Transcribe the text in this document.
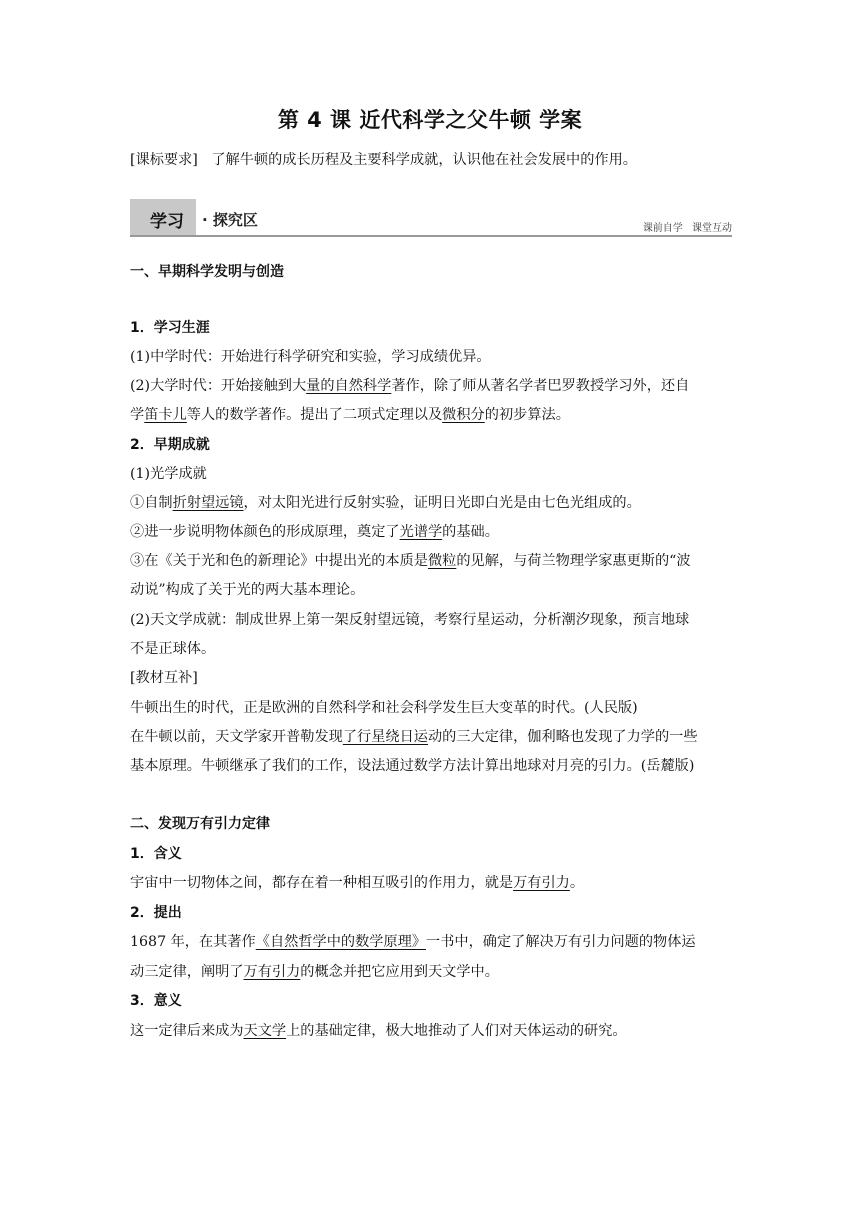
第 4 课 近代科学之父牛顿 学案
[课标要求] 了解牛顿的成长历程及主要科学成就，认识他在社会发展中的作用。
学习 · 探究区	课前自学 课堂互动
一、早期科学发明与创造
1．学习生涯
(1)中学时代：开始进行科学研究和实验，学习成绩优异。
(2)大学时代：开始接触到大量的自然科学著作，除了师从著名学者巴罗教授学习外，还自
学笛卡儿等人的数学著作。提出了二项式定理以及微积分的初步算法。
2．早期成就
(1)光学成就
①自制折射望远镜，对太阳光进行反射实验，证明日光即白光是由七色光组成的。
②进一步说明物体颜色的形成原理，奠定了光谱学的基础。
③在《关于光和色的新理论》中提出光的本质是微粒的见解，与荷兰物理学家惠更斯的“波
动说”构成了关于光的两大基本理论。
(2)天文学成就：制成世界上第一架反射望远镜，考察行星运动，分析潮汐现象，预言地球
不是正球体。
[教材互补]
牛顿出生的时代，正是欧洲的自然科学和社会科学发生巨大变革的时代。(人民版)
在牛顿以前，天文学家开普勒发现了行星绕日运动的三大定律，伽利略也发现了力学的一些
基本原理。牛顿继承了我们的工作，设法通过数学方法计算出地球对月亮的引力。(岳麓版)
二、发现万有引力定律
1．含义
宇宙中一切物体之间，都存在着一种相互吸引的作用力，就是万有引力。
2．提出
1687 年，在其著作《自然哲学中的数学原理》一书中，确定了解决万有引力问题的物体运
动三定律，阐明了万有引力的概念并把它应用到天文学中。
3．意义
这一定律后来成为天文学上的基础定律，极大地推动了人们对天体运动的研究。
